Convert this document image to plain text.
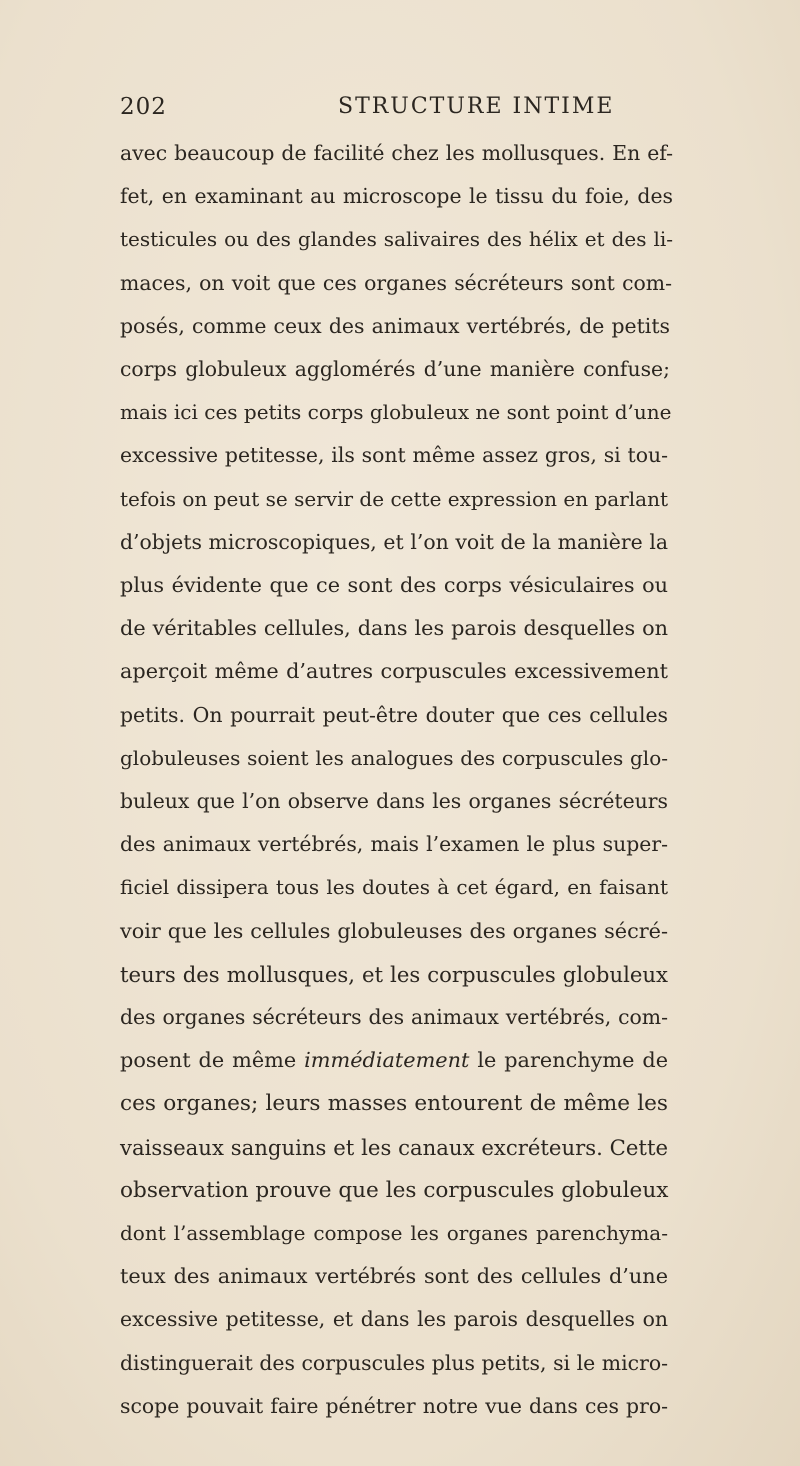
202	STRUCTURE INTIME
avec beaucoup de facilité chez les mollusques. En ef-
fet, en examinant au microscope le tissu du foie, des
testicules ou des glandes salivaires des hélix et des li-
maces, on voit que ces organes sécréteurs sont com-
posés, comme ceux des animaux vertébrés, de petits
corps globuleux agglomérés d’une manière confuse;
mais ici ces petits corps globuleux ne sont point d’une
excessive petitesse, ils sont même assez gros, si tou-
tefois on peut se servir de cette expression en parlant
d’objets microscopiques, et l’on voit de la manière la
plus évidente que ce sont des corps vésiculaires ou
de véritables cellules, dans les parois desquelles on
aperçoit même d’autres corpuscules excessivement
petits. On pourrait peut-être douter que ces cellules
globuleuses soient les analogues des corpuscules glo-
buleux que l’on observe dans les organes sécréteurs
des animaux vertébrés, mais l’examen le plus super-
ficiel dissipera tous les doutes à cet égard, en faisant
voir que les cellules globuleuses des organes sécré-
teurs des mollusques, et les corpuscules globuleux
des organes sécréteurs des animaux vertébrés, com-
posent de même immédiatement le parenchyme de
ces organes; leurs masses entourent de même les
vaisseaux sanguins et les canaux excréteurs. Cette
observation prouve que les corpuscules globuleux
dont l’assemblage compose les organes parenchyma-
teux des animaux vertébrés sont des cellules d’une
excessive petitesse, et dans les parois desquelles on
distinguerait des corpuscules plus petits, si le micro-
scope pouvait faire pénétrer notre vue dans ces pro-
